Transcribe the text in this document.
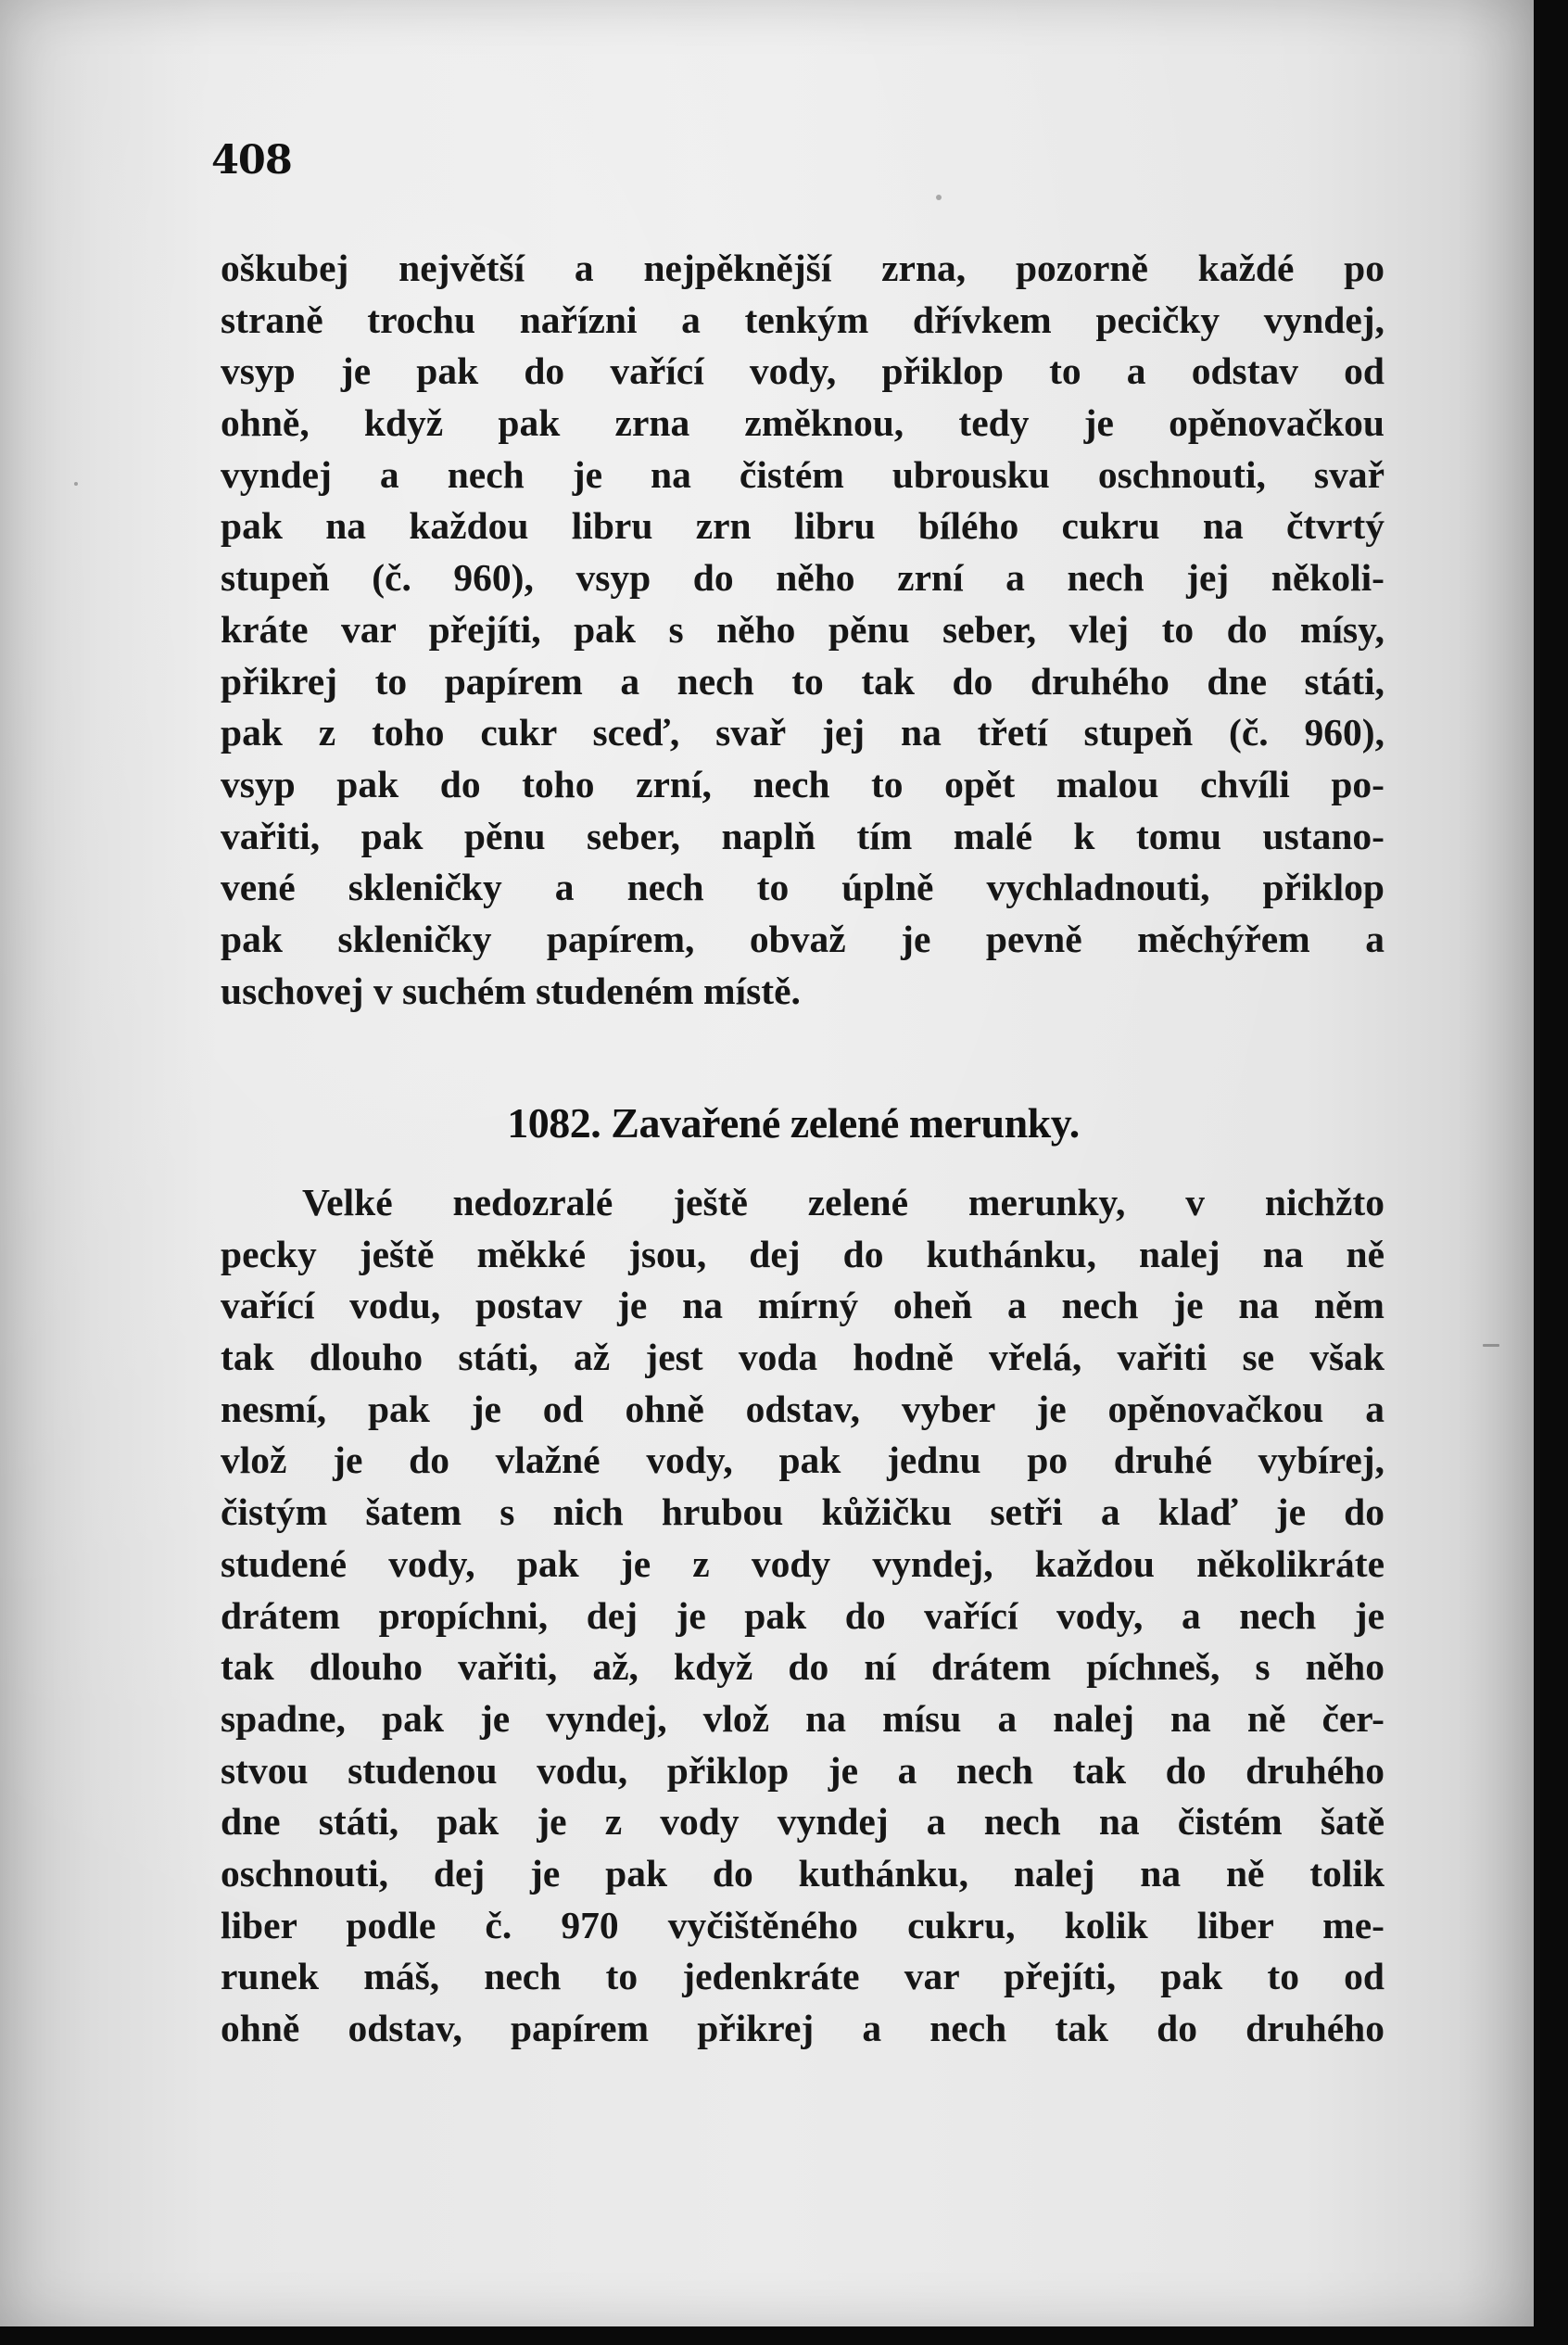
408
oškubej největší a nejpěknější zrna, pozorně každé po
straně trochu nařízni a tenkým dřívkem pecičky vyndej,
vsyp je pak do vařící vody, přiklop to a odstav od
ohně, když pak zrna změknou, tedy je opěnovačkou
vyndej a nech je na čistém ubrousku oschnouti, svař
pak na každou libru zrn libru bílého cukru na čtvrtý
stupeň (č. 960), vsyp do něho zrní a nech jej několi-
kráte var přejíti, pak s něho pěnu seber, vlej to do mísy,
přikrej to papírem a nech to tak do druhého dne státi,
pak z toho cukr sceď, svař jej na třetí stupeň (č. 960),
vsyp pak do toho zrní, nech to opět malou chvíli po-
vařiti, pak pěnu seber, naplň tím malé k tomu ustano-
vené skleničky a nech to úplně vychladnouti, přiklop
pak skleničky papírem, obvaž je pevně měchýřem a
uschovej v suchém studeném místě.
1082. Zavařené zelené merunky.
Velké nedozralé ještě zelené merunky, v nichžto
pecky ještě měkké jsou, dej do kuthánku, nalej na ně
vařící vodu, postav je na mírný oheň a nech je na něm
tak dlouho státi, až jest voda hodně vřelá, vařiti se však
nesmí, pak je od ohně odstav, vyber je opěnovačkou a
vlož je do vlažné vody, pak jednu po druhé vybírej,
čistým šatem s nich hrubou kůžičku setři a klaď je do
studené vody, pak je z vody vyndej, každou několikráte
drátem propíchni, dej je pak do vařící vody, a nech je
tak dlouho vařiti, až, když do ní drátem píchneš, s něho
spadne, pak je vyndej, vlož na mísu a nalej na ně čer-
stvou studenou vodu, přiklop je a nech tak do druhého
dne státi, pak je z vody vyndej a nech na čistém šatě
oschnouti, dej je pak do kuthánku, nalej na ně tolik
liber podle č. 970 vyčištěného cukru, kolik liber me-
runek máš, nech to jedenkráte var přejíti, pak to od
ohně odstav, papírem přikrej a nech tak do druhého
